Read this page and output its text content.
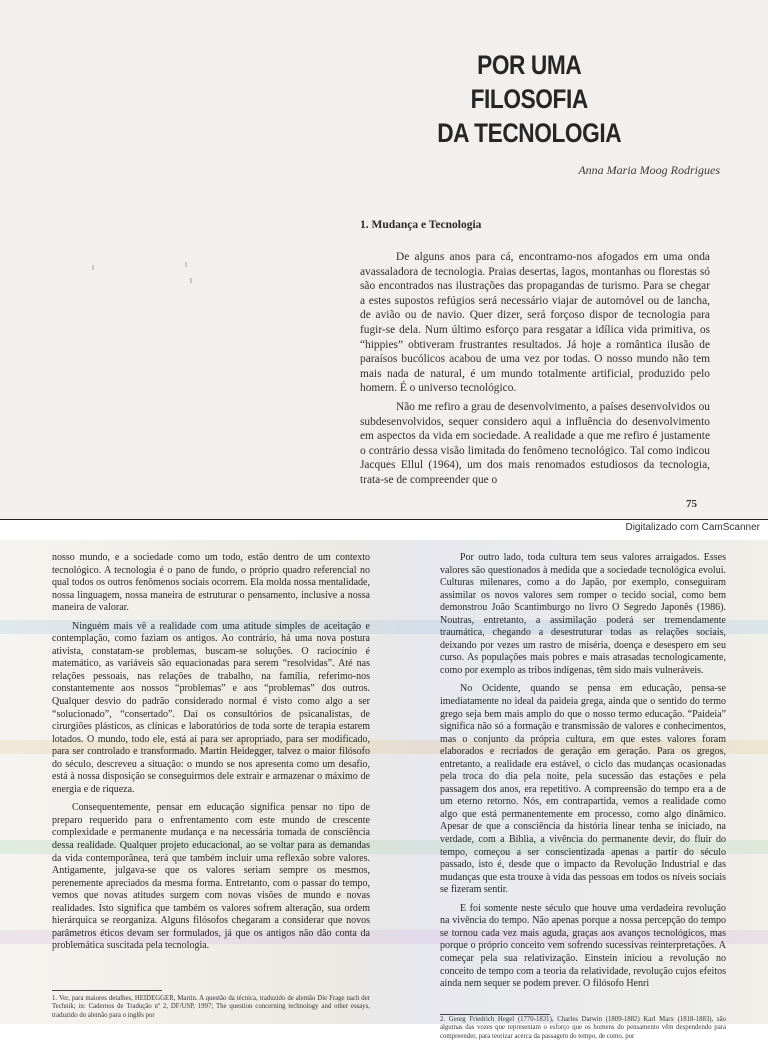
POR UMA FILOSOFIA
DA TECNOLOGIA
Anna Maria Moog Rodrigues
1. Mudança e Tecnologia

De alguns anos para cá, encontramo-nos afogados em uma onda avassaladora de tecnologia. Praias desertas, lagos, montanhas ou florestas só são encontrados nas ilustrações das propagandas de turismo. Para se chegar a estes supostos refúgios será necessário viajar de automóvel ou de lancha, de avião ou de navio. Quer dizer, será forçoso dispor de tecnologia para fugir-se dela. Num último esforço para resgatar a idílica vida primitiva, os “hippies” obtiveram frustrantes resultados. Já hoje a romântica ilusão de paraísos bucólicos acabou de uma vez por todas. O nosso mundo não tem mais nada de natural, é um mundo totalmente artificial, produzido pelo homem. É o universo tecnológico.

Não me refiro a grau de desenvolvimento, a países desenvolvidos ou subdesenvolvidos, sequer considero aqui a influência do desenvolvimento em aspectos da vida em sociedade. A realidade a que me refiro é justamente o contrário dessa visão limitada do fenômeno tecnológico. Tal como indicou Jacques Ellul (1964), um dos mais renomados estudiosos da tecnologia, trata-se de compreender que o

75
Digitalizado com CamScanner

nosso mundo, e a sociedade como um todo, estão dentro de um contexto tecnológico. A tecnologia é o pano de fundo, o próprio quadro referencial no qual todos os outros fenômenos sociais ocorrem. Ela molda nossa mentalidade, nossa linguagem, nossa maneira de estruturar o pensamento, inclusive a nossa maneira de valorar.

Ninguém mais vê a realidade com uma atitude simples de aceitação e contemplação, como faziam os antigos. Ao contrário, há uma nova postura ativista, constatam-se problemas, buscam-se soluções. O raciocínio é matemático, as variáveis são equacionadas para serem “resolvidas”. Até nas relações pessoais, nas relações de trabalho, na família, referimo-nos constantemente aos nossos “problemas” e aos “problemas” dos outros. Qualquer desvio do padrão considerado normal é visto como algo a ser “solucionado”, “consertado”. Daí os consultórios de psicanalistas, de cirurgiões plásticos, as clínicas e laboratórios de toda sorte de terapia estarem lotados. O mundo, todo ele, está aí para ser apropriado, para ser modificado, para ser controlado e transformado. Martin Heidegger, talvez o maior filósofo do século, descreveu a situação: o mundo se nos apresenta como um desafio, está à nossa disposição se conseguirmos dele extrair e armazenar o máximo de energia e de riqueza.

Consequentemente, pensar em educação significa pensar no tipo de preparo requerido para o enfrentamento com este mundo de crescente complexidade e permanente mudança e na necessária tomada de consciência dessa realidade. Qualquer projeto educacional, ao se voltar para as demandas da vida contemporânea, terá que também incluir uma reflexão sobre valores. Antigamente, julgava-se que os valores seriam sempre os mesmos, perenemente apreciados da mesma forma. Entretanto, com o passar do tempo, vemos que novas atitudes surgem com novas visões de mundo e novas realidades. Isto significa que também os valores sofrem alteração, sua ordem hierárquica se reorganiza. Alguns filósofos chegaram a considerar que novos parâmetros éticos devam ser formulados, já que os antigos não dão conta da problemática suscitada pela tecnologia.

Por outro lado, toda cultura tem seus valores arraigados. Esses valores são questionados à medida que a sociedade tecnológica evolui. Culturas milenares, como a do Japão, por exemplo, conseguiram assimilar os novos valores sem romper o tecido social, como bem demonstrou João Scantimburgo no livro O Segredo Japonês (1986). Noutras, entretanto, a assimilação poderá ser tremendamente traumática, chegando a desestruturar todas as relações sociais, deixando por vezes um rastro de miséria, doença e desespero em seu curso. As populações mais pobres e mais atrasadas tecnologicamente, como por exemplo as tribos indígenas, têm sido mais vulneráveis.

No Ocidente, quando se pensa em educação, pensa-se imediatamente no ideal da paideia grega, ainda que o sentido do termo grego seja bem mais amplo do que o nosso termo educação. “Paideia” significa não só a formação e transmissão de valores e conhecimentos, mas o conjunto da própria cultura, em que estes valores foram elaborados e recriados de geração em geração. Para os gregos, entretanto, a realidade era estável, o ciclo das mudanças ocasionadas pela troca do dia pela noite, pela sucessão das estações e pela passagem dos anos, era repetitivo. A compreensão do tempo era a de um eterno retorno. Nós, em contrapartida, vemos a realidade como algo que está permanentemente em processo, como algo dinâmico. Apesar de que a consciência da história linear tenha se iniciado, na verdade, com a Bíblia, a vivência do permanente devir, do fluir do tempo, começou a ser conscientizada apenas a partir do século passado, isto é, desde que o impacto da Revolução Industrial e das mudanças que esta trouxe à vida das pessoas em todos os níveis sociais se fizeram sentir.

E foi somente neste século que houve uma verdadeira revolução na vivência do tempo. Não apenas porque a nossa percepção do tempo se tornou cada vez mais aguda, graças aos avanços tecnológicos, mas porque o próprio conceito vem sofrendo sucessivas reinterpretações. A começar pela sua relativização. Einstein iniciou a revolução no conceito de tempo com a teoria da relatividade, revolução cujos efeitos ainda nem sequer se podem prever. O filósofo Henri

1. Ver, para maiores detalhes, HEIDEGGER, Martin. A questão da técnica, traduzido de alemão Die Frage nach der Technik; in: Cadernos de Tradução nº 2, DF/USP, 1997; The question concerning technology and other essays, traduzido do alemão para o inglês por
2. Georg Friedrich Hegel (1770-1831), Charles Darwin (1809-1882) Karl Marx (1818-1883), são algumas das vozes que representam o esforço que os homens do pensamento vêm despendendo para compreender, para teorizar acerca da passagem do tempo, de como, por
